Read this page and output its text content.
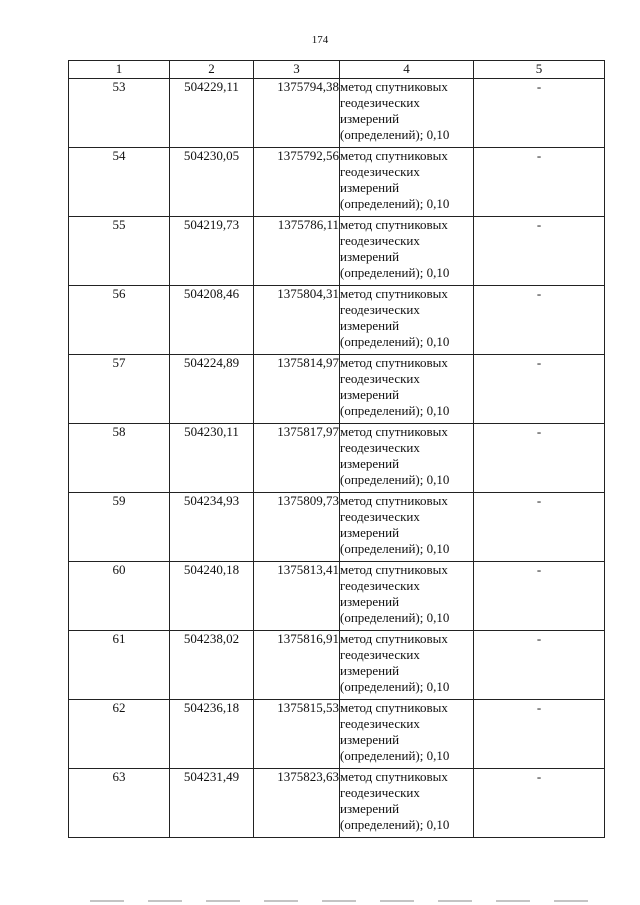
174
1	2	3	4	5
53	504229,11	1375794,38	метод спутниковых
геодезических
измерений
(определений); 0,10	-
54	504230,05	1375792,56	метод спутниковых
геодезических
измерений
(определений); 0,10	-
55	504219,73	1375786,11	метод спутниковых
геодезических
измерений
(определений); 0,10	-
56	504208,46	1375804,31	метод спутниковых
геодезических
измерений
(определений); 0,10	-
57	504224,89	1375814,97	метод спутниковых
геодезических
измерений
(определений); 0,10	-
58	504230,11	1375817,97	метод спутниковых
геодезических
измерений
(определений); 0,10	-
59	504234,93	1375809,73	метод спутниковых
геодезических
измерений
(определений); 0,10	-
60	504240,18	1375813,41	метод спутниковых
геодезических
измерений
(определений); 0,10	-
61	504238,02	1375816,91	метод спутниковых
геодезических
измерений
(определений); 0,10	-
62	504236,18	1375815,53	метод спутниковых
геодезических
измерений
(определений); 0,10	-
63	504231,49	1375823,63	метод спутниковых
геодезических
измерений
(определений); 0,10	-
